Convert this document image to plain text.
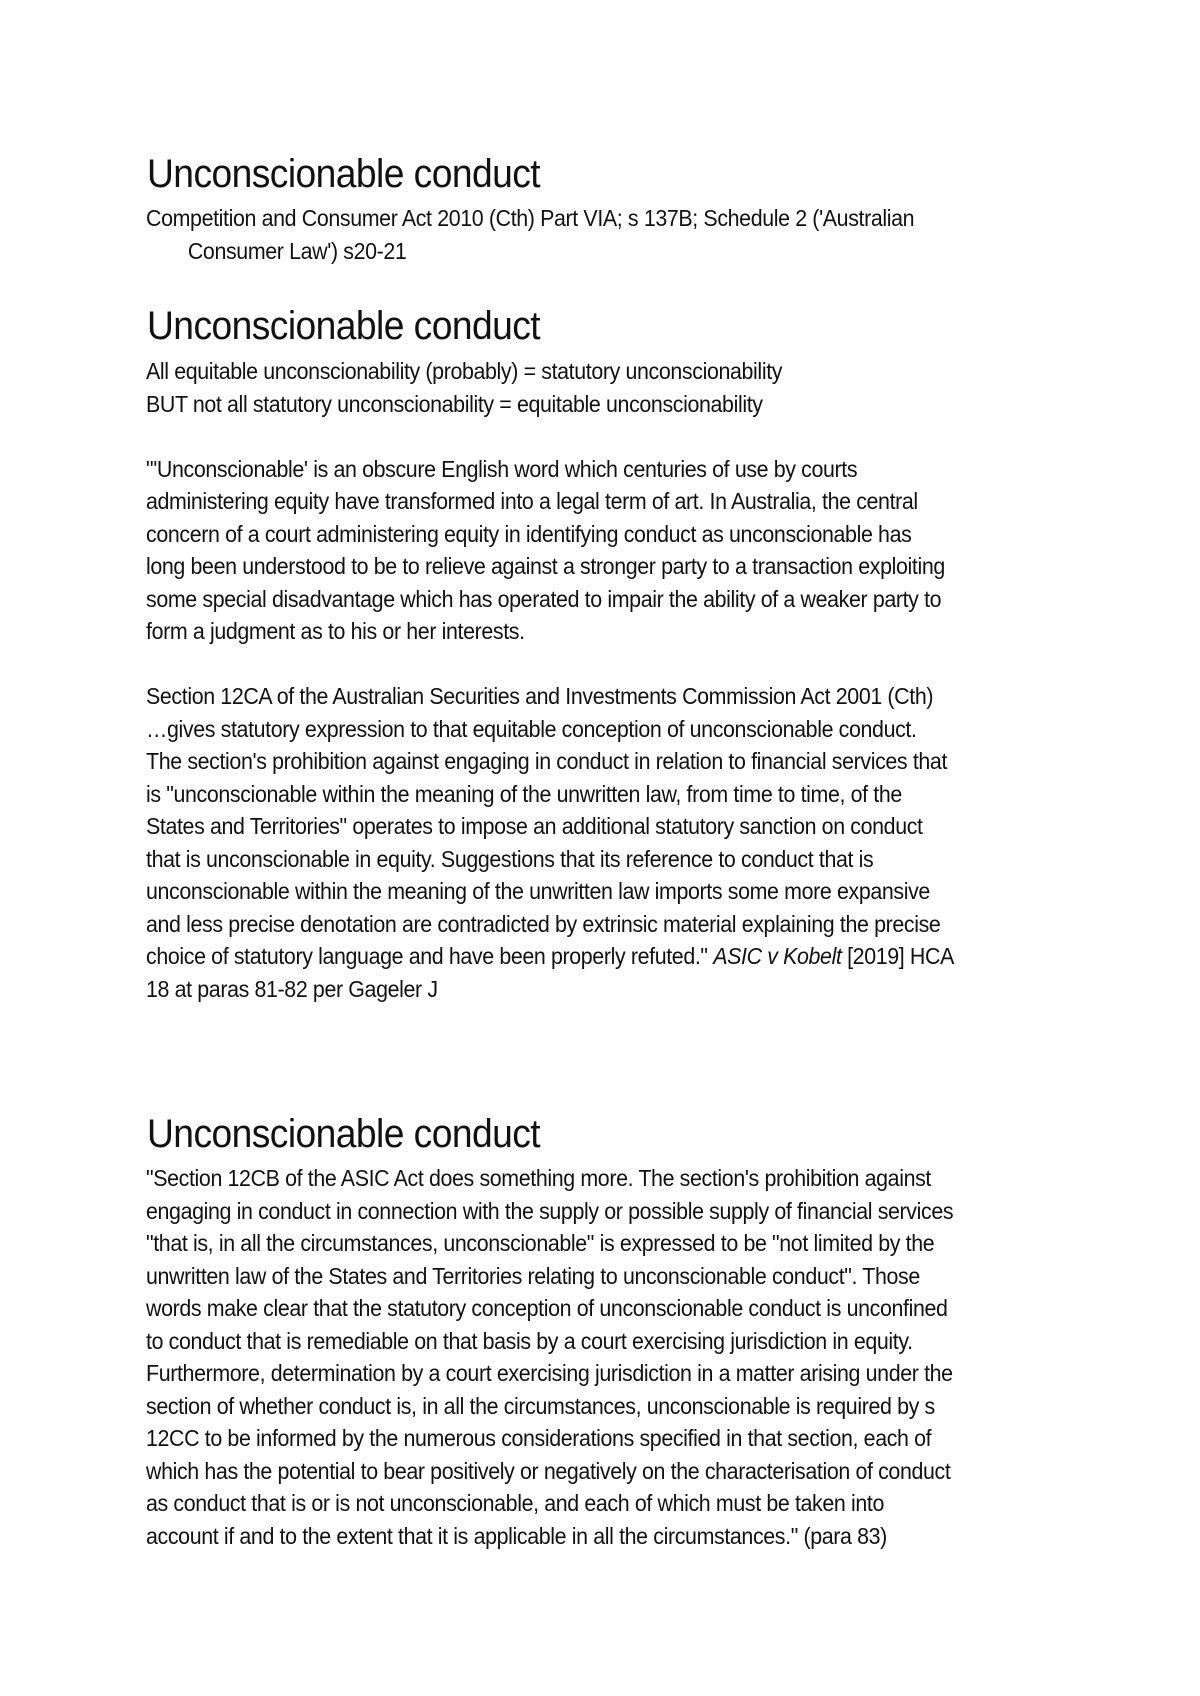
Unconscionable conduct
Competition and Consumer Act 2010 (Cth) Part VIA; s 137B; Schedule 2 ('Australian
Consumer Law') s20-21
Unconscionable conduct
All equitable unconscionability (probably) = statutory unconscionability
BUT not all statutory unconscionability = equitable unconscionability
"'Unconscionable' is an obscure English word which centuries of use by courts
administering equity have transformed into a legal term of art. In Australia, the central
concern of a court administering equity in identifying conduct as unconscionable has
long been understood to be to relieve against a stronger party to a transaction exploiting
some special disadvantage which has operated to impair the ability of a weaker party to
form a judgment as to his or her interests.
Section 12CA of the Australian Securities and Investments Commission Act 2001 (Cth)
…gives statutory expression to that equitable conception of unconscionable conduct.
The section's prohibition against engaging in conduct in relation to financial services that
is "unconscionable within the meaning of the unwritten law, from time to time, of the
States and Territories" operates to impose an additional statutory sanction on conduct
that is unconscionable in equity. Suggestions that its reference to conduct that is
unconscionable within the meaning of the unwritten law imports some more expansive
and less precise denotation are contradicted by extrinsic material explaining the precise
choice of statutory language and have been properly refuted." ASIC v Kobelt [2019] HCA
18 at paras 81-82 per Gageler J
Unconscionable conduct
"Section 12CB of the ASIC Act does something more. The section's prohibition against
engaging in conduct in connection with the supply or possible supply of financial services
"that is, in all the circumstances, unconscionable" is expressed to be "not limited by the
unwritten law of the States and Territories relating to unconscionable conduct". Those
words make clear that the statutory conception of unconscionable conduct is unconfined
to conduct that is remediable on that basis by a court exercising jurisdiction in equity.
Furthermore, determination by a court exercising jurisdiction in a matter arising under the
section of whether conduct is, in all the circumstances, unconscionable is required by s
12CC to be informed by the numerous considerations specified in that section, each of
which has the potential to bear positively or negatively on the characterisation of conduct
as conduct that is or is not unconscionable, and each of which must be taken into
account if and to the extent that it is applicable in all the circumstances." (para 83)
